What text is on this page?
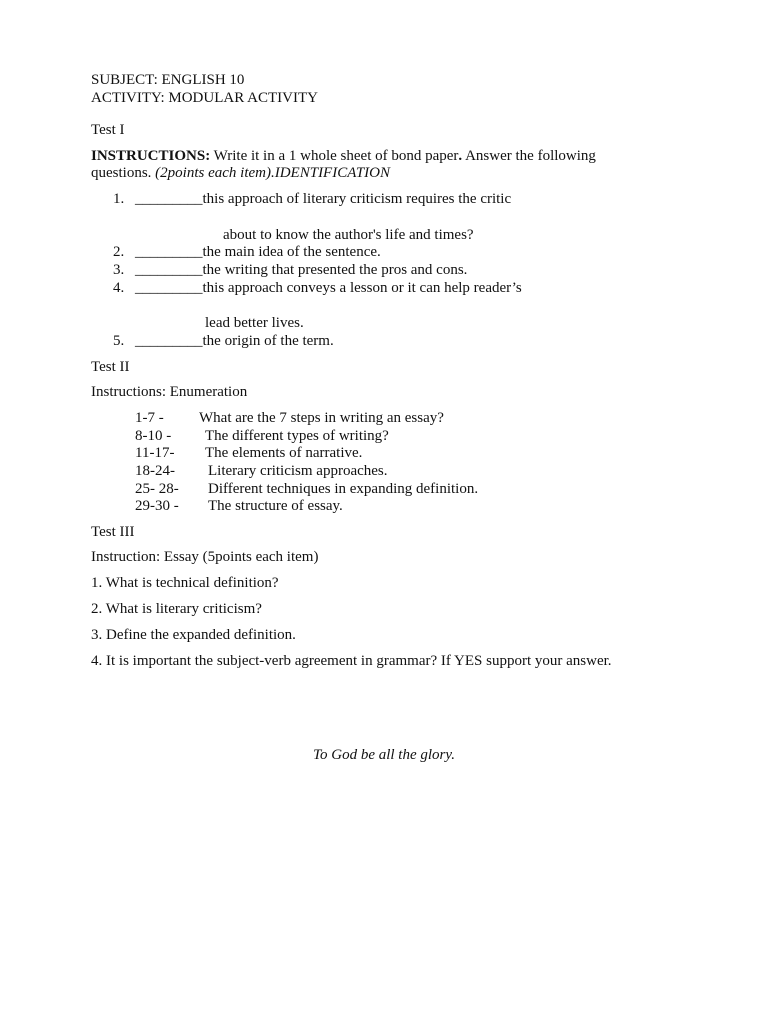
SUBJECT: ENGLISH 10
ACTIVITY: MODULAR ACTIVITY
Test I
INSTRUCTIONS: Write it in a 1 whole sheet of bond paper. Answer the following questions. (2points each item).IDENTIFICATION
1. _________this approach of literary criticism requires the critic
about to know the author's life and times?
2. _________the main idea of the sentence.
3. _________the writing that presented the pros and cons.
4. _________this approach conveys a lesson or it can help reader’s
lead better lives.
5. _________the origin of the term.
Test II
Instructions: Enumeration
1-7 - What are the 7 steps in writing an essay?
8-10 - The different types of writing?
11-17- The elements of narrative.
18-24- Literary criticism approaches.
25- 28- Different techniques in expanding definition.
29-30 - The structure of essay.
Test III
Instruction: Essay (5points each item)
1. What is technical definition?
2. What is literary criticism?
3. Define the expanded definition.
4. It is important the subject-verb agreement in grammar? If YES support your answer.
To God be all the glory.
